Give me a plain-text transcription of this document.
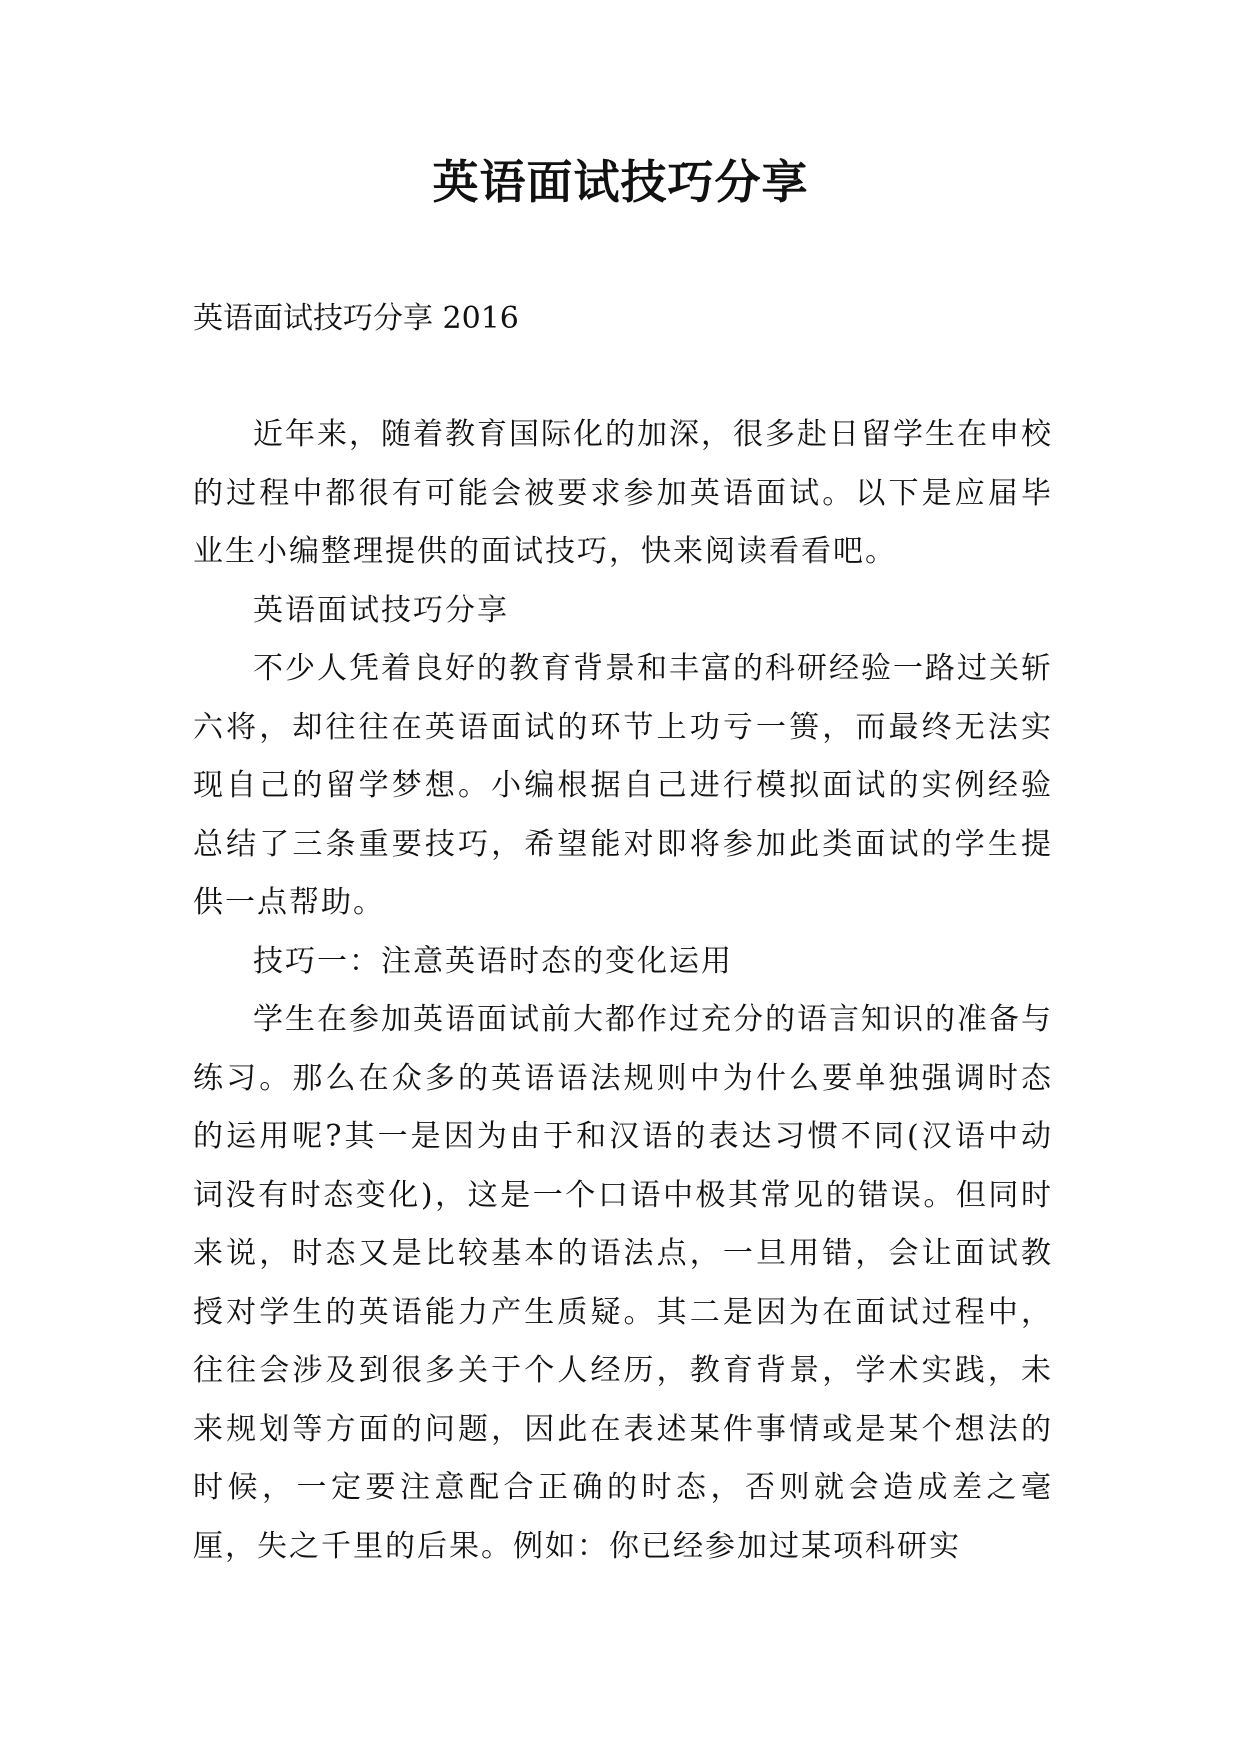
英语面试技巧分享
英语面试技巧分享 2016

近年来，随着教育国际化的加深，很多赴日留学生在申校的过程中都很有可能会被要求参加英语面试。以下是应届毕业生小编整理提供的面试技巧，快来阅读看看吧。

英语面试技巧分享

不少人凭着良好的教育背景和丰富的科研经验一路过关斩六将，却往往在英语面试的环节上功亏一篑，而最终无法实现自己的留学梦想。小编根据自己进行模拟面试的实例经验总结了三条重要技巧，希望能对即将参加此类面试的学生提供一点帮助。

技巧一：注意英语时态的变化运用

学生在参加英语面试前大都作过充分的语言知识的准备与练习。那么在众多的英语语法规则中为什么要单独强调时态的运用呢?其一是因为由于和汉语的表达习惯不同(汉语中动词没有时态变化)，这是一个口语中极其常见的错误。但同时来说，时态又是比较基本的语法点，一旦用错，会让面试教授对学生的英语能力产生质疑。其二是因为在面试过程中，往往会涉及到很多关于个人经历，教育背景，学术实践，未来规划等方面的问题，因此在表述某件事情或是某个想法的时候，一定要注意配合正确的时态，否则就会造成差之毫厘，失之千里的后果。例如：你已经参加过某项科研实
